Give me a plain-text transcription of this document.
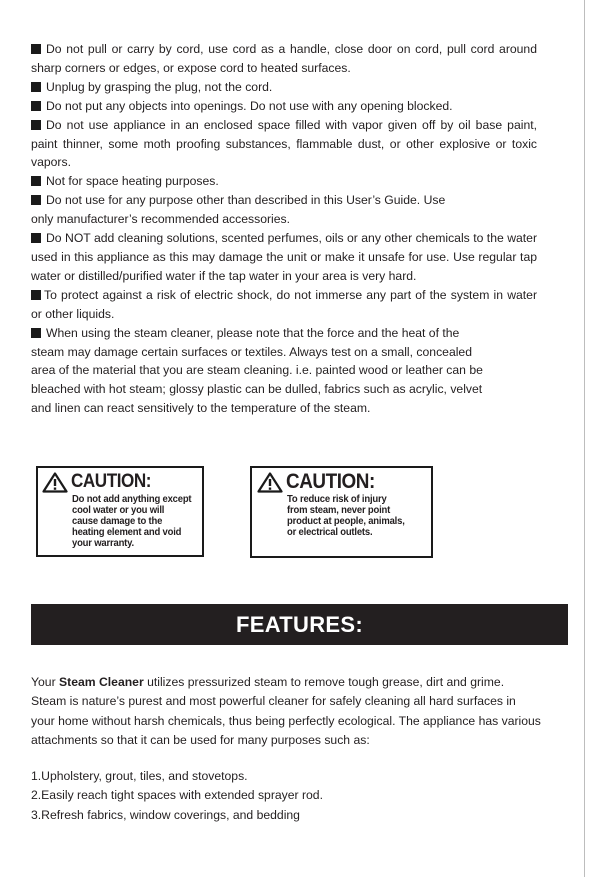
Do not pull or carry by cord, use cord as a handle, close door on cord, pull cord around sharp corners or edges, or expose cord to heated surfaces.

Unplug by grasping the plug, not the cord.

Do not put any objects into openings. Do not use with any opening blocked.

Do not use appliance in an enclosed space filled with vapor given off by oil base paint, paint thinner, some moth proofing substances, flammable dust, or other explosive or toxic vapors.

Not for space heating purposes.

Do not use for any purpose other than described in this User’s Guide. Use

only manufacturer’s recommended accessories.

Do NOT add cleaning solutions, scented perfumes, oils or any other chemicals to the water used in this appliance as this may damage the unit or make it unsafe for use. Use regular tap water or distilled/purified water if the tap water in your area is very hard.

To protect against a risk of electric shock, do not immerse any part of the system in water or other liquids.

When using the steam cleaner, please note that the force and the heat of the

steam may damage certain surfaces or textiles. Always test on a small, concealed

area of the material that you are steam cleaning. i.e. painted wood or leather can be

bleached with hot steam; glossy plastic can be dulled, fabrics such as acrylic, velvet

and linen can react sensitively to the temperature of the steam.

CAUTION:
Do not add anything except
cool water or you will
cause damage to the
heating element and void
your warranty.
CAUTION:
To reduce risk of injury
from steam, never point
product at people, animals,
or electrical outlets.
FEATURES:

Your Steam Cleaner utilizes pressurized steam to remove tough grease, dirt and grime. Steam is nature’s purest and most powerful cleaner for safely cleaning all hard surfaces in your home without harsh chemicals, thus being perfectly ecological. The appliance has various attachments so that it can be used for many purposes such as:

1.Upholstery, grout, tiles, and stovetops.
2.Easily reach tight spaces with extended sprayer rod.
3.Refresh fabrics, window coverings, and bedding
